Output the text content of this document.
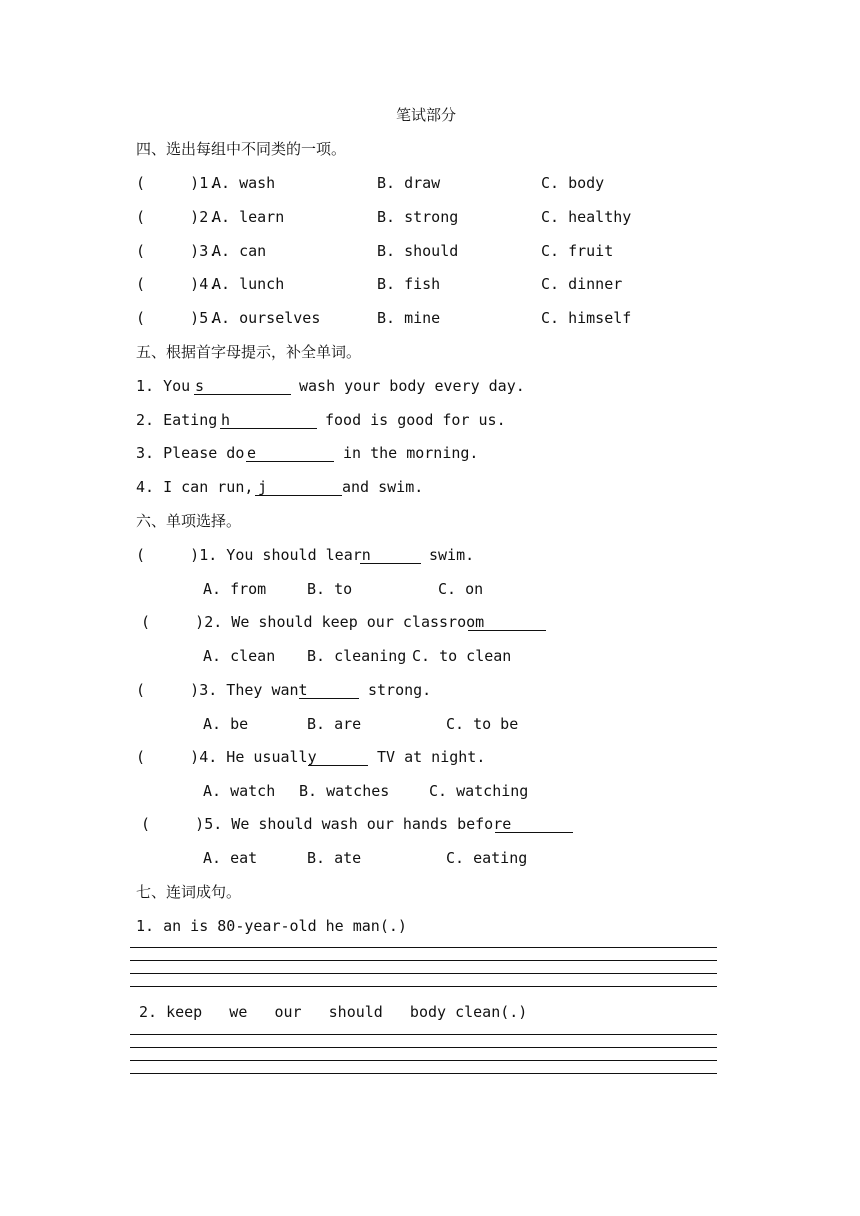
笔试部分
四、选出每组中不同类的一项。
(     )1.
A. wash	B. draw	C. body
(     )2.
A. learn	B. strong	C. healthy
(     )3.
A. can	B. should	C. fruit
(     )4.
A. lunch	B. fish	C. dinner
(     )5.
A. ourselves	B. mine	C. himself
五、根据首字母提示，补全单词。
1. You s	wash your body every day.
2. Eating h	food is good for us.
3. Please do e	in the morning.
4. I can run, j	and swim.
六、单项选择。
(     )1. You should learn	swim.
A. from	B. to	C. on
(     )2. We should keep our classroom
A. clean B. cleaning C. to clean
(     )3. They want	strong.
A. be	B. are	C. to be
(     )4. He usually	TV at night.
A. watch B. watches	C. watching
(     )5. We should wash our hands before
A. eat	B. ate	C. eating
七、连词成句。
1. an is 80-year-old he man(.)
2. keep   we   our   should   body clean(.)
